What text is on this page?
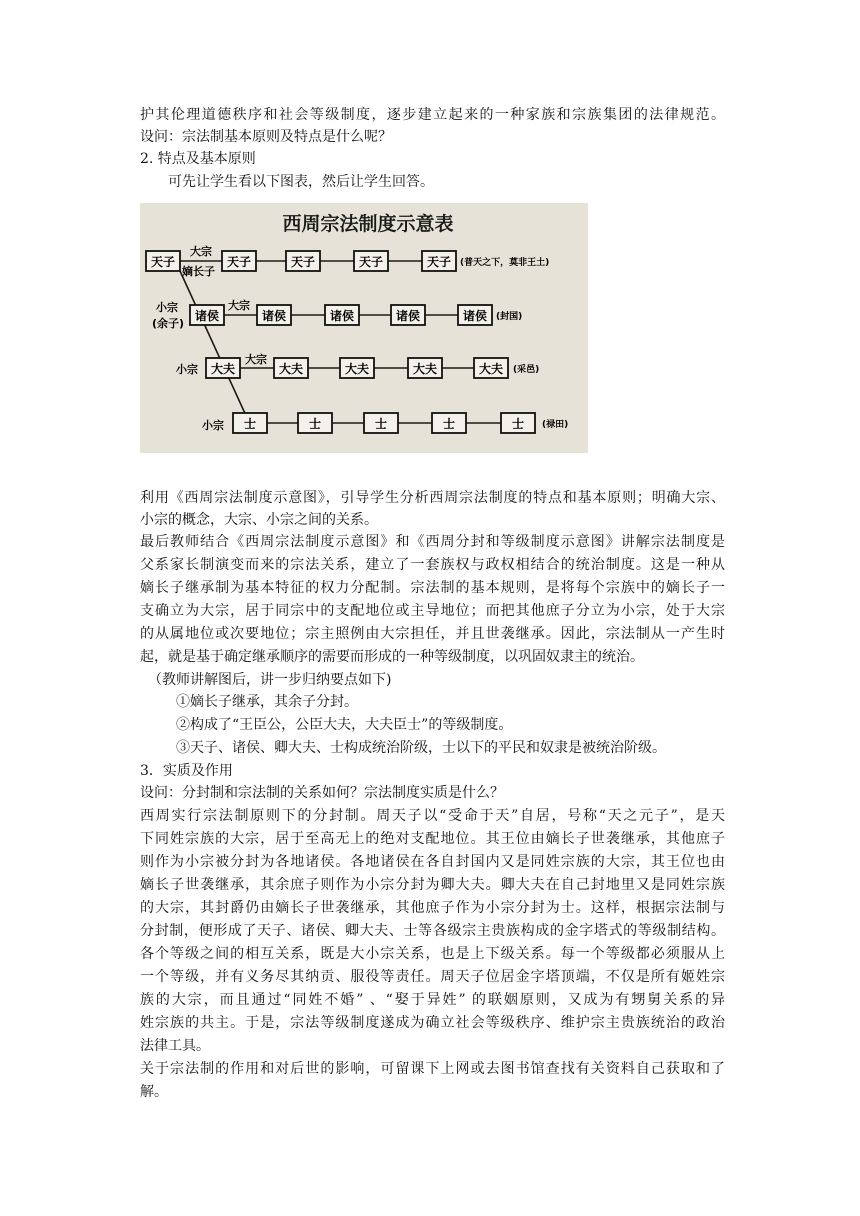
护其伦理道德秩序和社会等级制度，逐步建立起来的一种家族和宗族集团的法律规范。
设问：宗法制基本原则及特点是什么呢？
2. 特点及基本原则
可先让学生看以下图表，然后让学生回答。
西周宗法制度示意表
天子	天子	天子	天子	天子
大宗
嫡长子
(普天之下，莫非王土)
诸侯	诸侯	诸侯	诸侯	诸侯
小宗
(余子)
大宗
(封国)
大夫	大夫	大夫	大夫	大夫
小宗
大宗
(采邑)
士	士	士	士	士
小宗	(禄田)
利用《西周宗法制度示意图》，引导学生分析西周宗法制度的特点和基本原则；明确大宗、
小宗的概念，大宗、小宗之间的关系。
最后教师结合《西周宗法制度示意图》和《西周分封和等级制度示意图》讲解宗法制度是
父系家长制演变而来的宗法关系，建立了一套族权与政权相结合的统治制度。这是一种从
嫡长子继承制为基本特征的权力分配制。宗法制的基本规则，是将每个宗族中的嫡长子一
支确立为大宗，居于同宗中的支配地位或主导地位；而把其他庶子分立为小宗，处于大宗
的从属地位或次要地位；宗主照例由大宗担任，并且世袭继承。因此，宗法制从一产生时
起，就是基于确定继承顺序的需要而形成的一种等级制度，以巩固奴隶主的统治。
（教师讲解图后，讲一步归纳要点如下)
①嫡长子继承，其余子分封。
②构成了“王臣公，公臣大夫，大夫臣士”的等级制度。
③天子、诸侯、卿大夫、士构成统治阶级，士以下的平民和奴隶是被统治阶级。
3．实质及作用
设问：分封制和宗法制的关系如何？宗法制度实质是什么？
西周实行宗法制原则下的分封制。周天子以“受命于天”自居，号称“天之元子”，是天
下同姓宗族的大宗，居于至高无上的绝对支配地位。其王位由嫡长子世袭继承，其他庶子
则作为小宗被分封为各地诸侯。各地诸侯在各自封国内又是同姓宗族的大宗，其王位也由
嫡长子世袭继承，其余庶子则作为小宗分封为卿大夫。卿大夫在自己封地里又是同姓宗族
的大宗，其封爵仍由嫡长子世袭继承，其他庶子作为小宗分封为士。这样，根据宗法制与
分封制，便形成了天子、诸侯、卿大夫、士等各级宗主贵族构成的金字塔式的等级制结构。
各个等级之间的相互关系，既是大小宗关系，也是上下级关系。每一个等级都必须服从上
一个等级，并有义务尽其纳贡、服役等责任。周天子位居金字塔顶端，不仅是所有姬姓宗
族的大宗，而且通过“同姓不婚” 、“娶于异姓” 的联姻原则，又成为有甥舅关系的异
姓宗族的共主。于是，宗法等级制度遂成为确立社会等级秩序、维护宗主贵族统治的政治
法律工具。
关于宗法制的作用和对后世的影响，可留课下上网或去图书馆查找有关资料自己获取和了
解。
